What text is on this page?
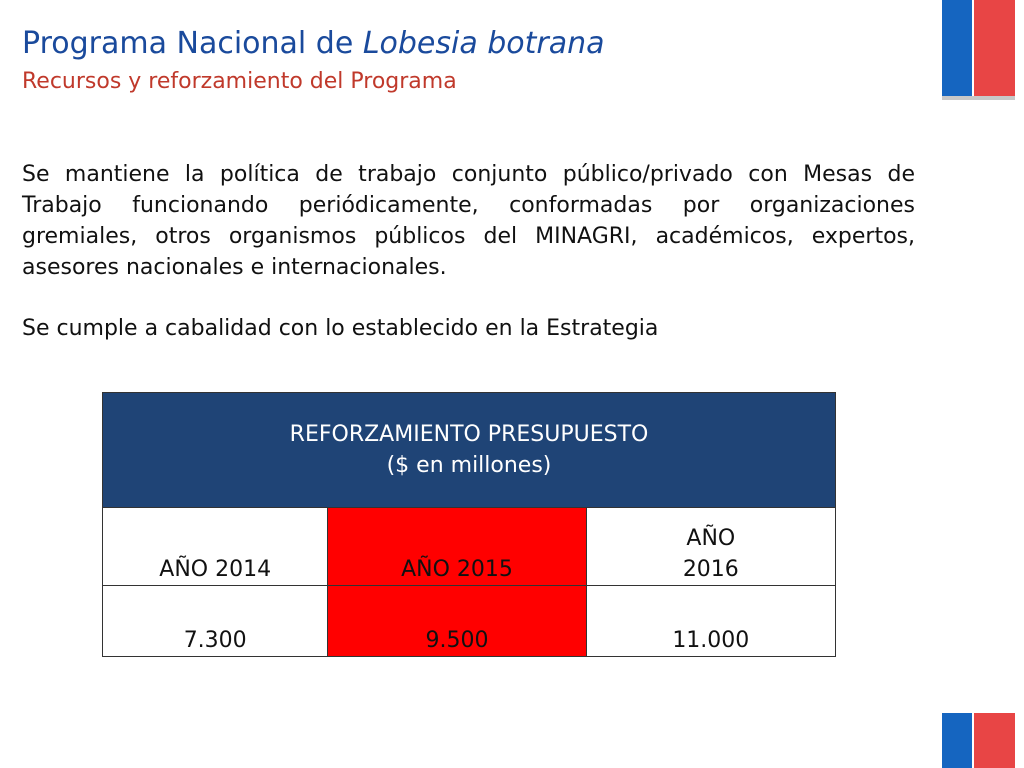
Programa Nacional de Lobesia botrana
Recursos y reforzamiento del Programa
Se mantiene la política de trabajo conjunto público/privado con Mesas de Trabajo funcionando periódicamente, conformadas por organizaciones gremiales, otros organismos públicos del MINAGRI, académicos, expertos, asesores nacionales e internacionales.
Se cumple a cabalidad con lo establecido en la Estrategia
REFORZAMIENTO PRESUPUESTO
($ en millones)		

AÑO 2014	AÑO 2015	AÑO
2016

7.300	9.500	11.000
